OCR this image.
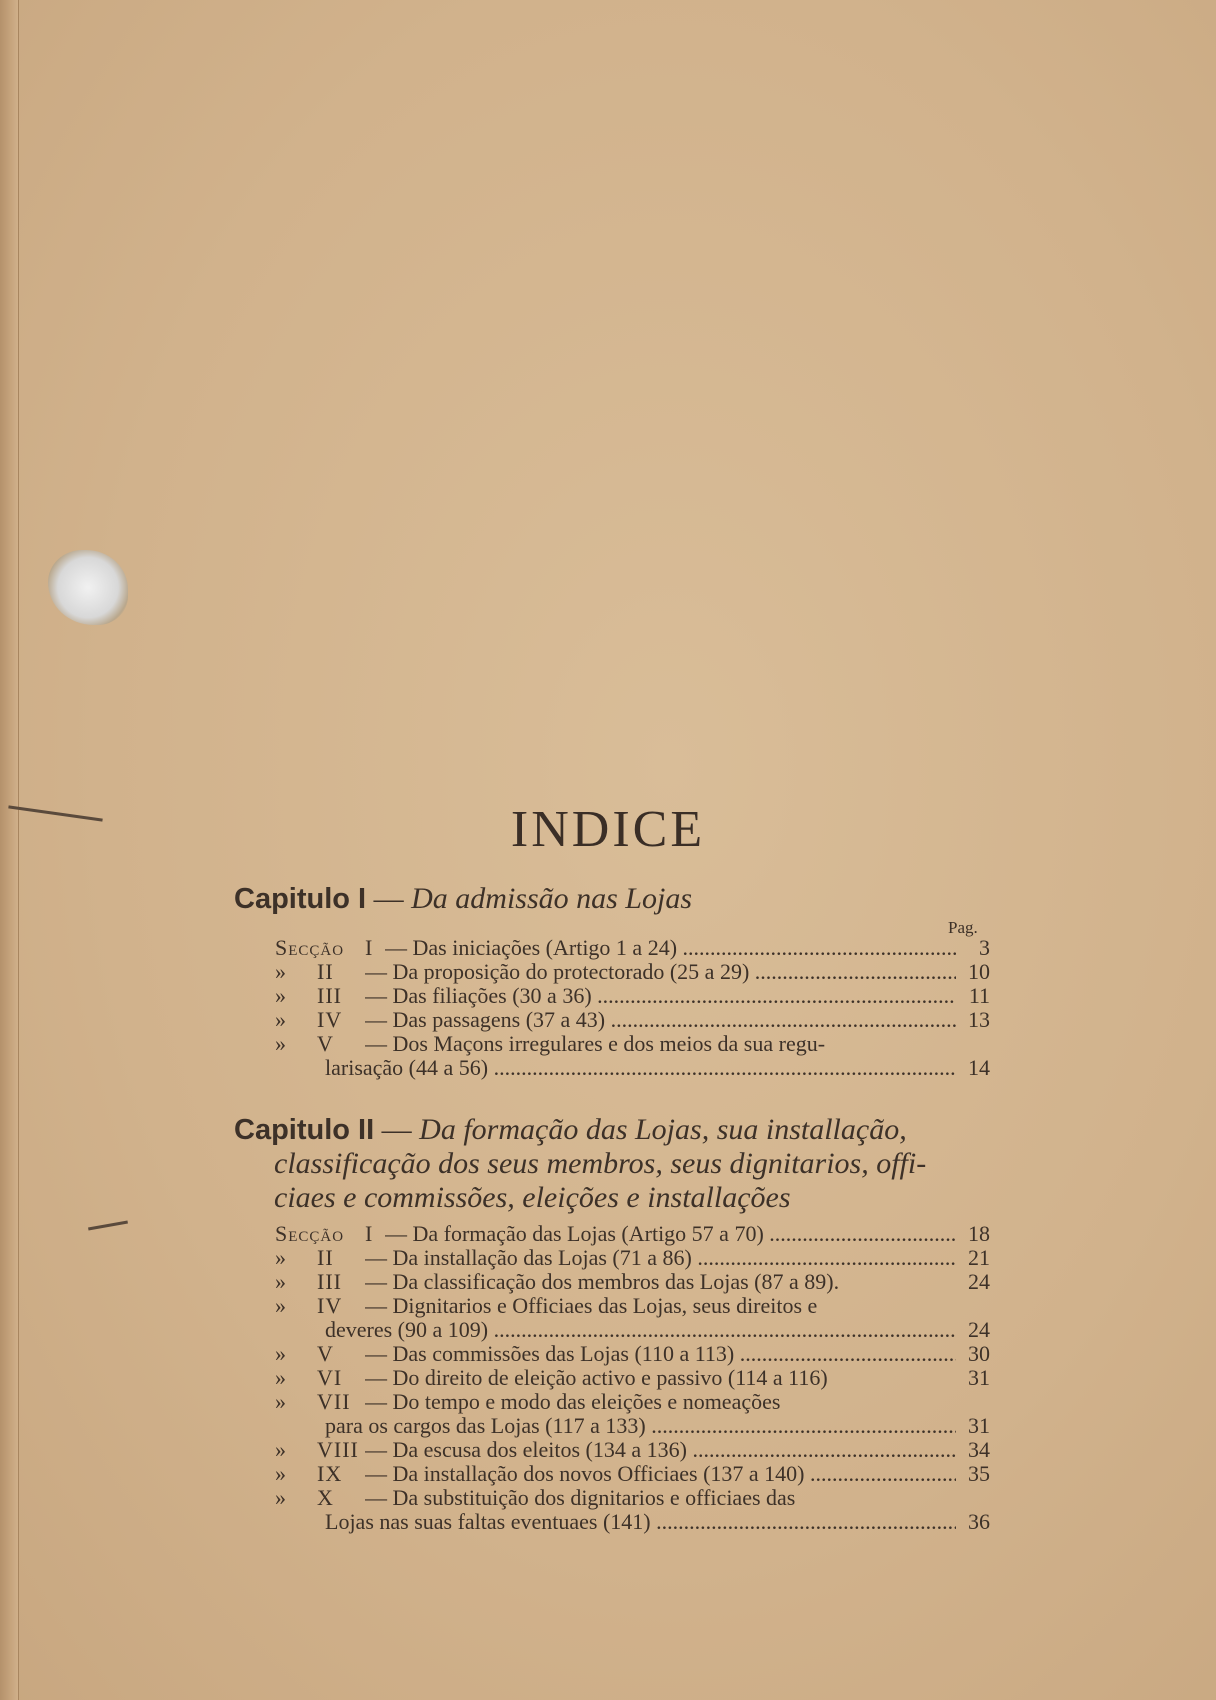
INDICE
Capitulo I — Da admissão nas Lojas
Pag.
Secção I — Das iniciações (Artigo 1 a 24) .....	3
»	II	— Da proposição do protectorado (25 a 29) .....	10
»	III	— Das filiações (30 a 36) .....	11
»	IV	— Das passagens (37 a 43) .....	13
»	V	— Dos Maçons irregulares e dos meios da sua regu-
larisação (44 a 56) .....	14
Capitulo II — Da formação das Lojas, sua installação,
classificação dos seus membros, seus dignitarios, offi-
ciaes e commissões, eleições e installações
Secção I — Da formação das Lojas (Artigo 57 a 70) .....	18
»	II	— Da installação das Lojas (71 a 86) .....	21
»	III	— Da classificação dos membros das Lojas (87 a 89).	24
»	IV	— Dignitarios e Officiaes das Lojas, seus direitos e
deveres (90 a 109) .....	24
»	V	— Das commissões das Lojas (110 a 113) .....	30
»	VI	— Do direito de eleição activo e passivo (114 a 116)	31
»	VII — Do tempo e modo das eleições e nomeações
para os cargos das Lojas (117 a 133) .....	31
»	VIII — Da escusa dos eleitos (134 a 136) .....	34
»	IX	— Da installação dos novos Officiaes (137 a 140) .....	35
»	X	— Da substituição dos dignitarios e officiaes das
Lojas nas suas faltas eventuaes (141) .....	36
